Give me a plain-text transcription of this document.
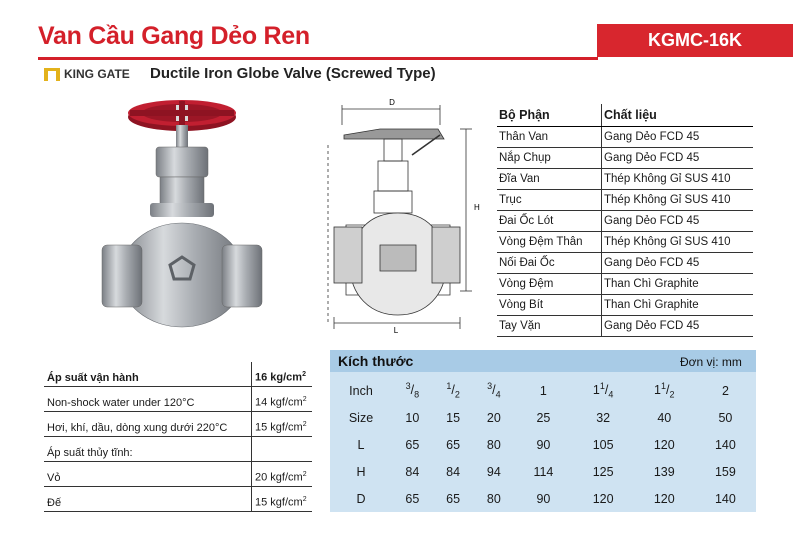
Van Cầu Gang Dẻo Ren	KGMC-16K
KING GATE Ductile Iron Globe Valve (Screwed Type)
D
H
L
Bộ Phận	Chất liệu
Thân Van	Gang Dẻo FCD 45
Nắp Chụp	Gang Dẻo FCD 45
Đĩa Van	Thép Không Gỉ SUS 410
Trục	Thép Không Gỉ SUS 410
Đai Ốc Lót	Gang Dẻo FCD 45
Vòng Đệm Thân	Thép Không Gỉ SUS 410
Nối Đai Ốc	Gang Dẻo FCD 45
Vòng Đệm	Than Chì Graphite
Vòng Bít	Than Chì Graphite
Tay Vặn	Gang Dẻo FCD 45
Áp suất vận hành	16 $kg/cm^2$
Non-shock water under 120°C	14 kgf/$cm^2$
Hơi, khí, dầu, dòng xung dưới 220°C	15 kgf/$cm^2$
Áp suất thủy tĩnh:	
Vỏ	20 kgf/$cm^2$
Đế	15 kgf/$cm^2$
Kích thước	Đơn vị: mm
Inch	$^3/_8$	$^1/_2$	$^3/_4$	1	$1^1/_4$	$1^1/_2$	2
Size	10	15	20	25	32	40	50
L	65	65	80	90	105	120	140
H	84	84	94	114	125	139	159
D	65	65	80	90	120	120	140
